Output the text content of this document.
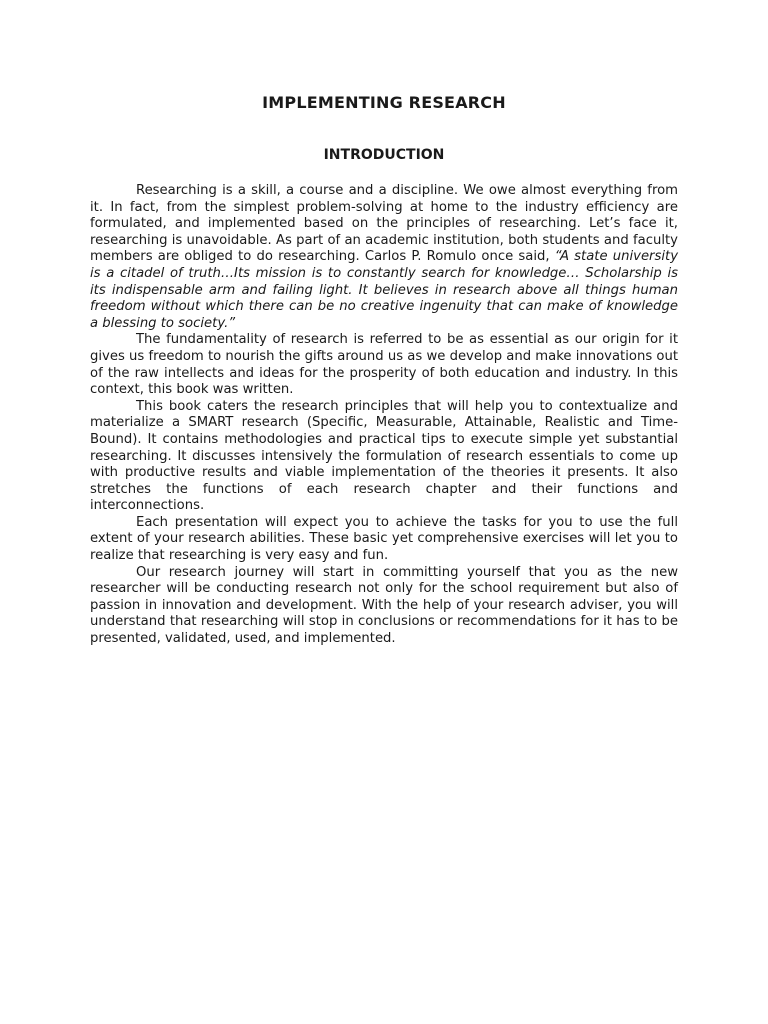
IMPLEMENTING RESEARCH
INTRODUCTION

Researching is a skill, a course and a discipline. We owe almost everything from it. In fact, from the simplest problem-solving at home to the industry efficiency are formulated, and implemented based on the principles of researching. Let’s face it, researching is unavoidable. As part of an academic institution, both students and faculty members are obliged to do researching. Carlos P. Romulo once said, “A state university is a citadel of truth…Its mission is to constantly search for knowledge… Scholarship is its indispensable arm and failing light. It believes in research above all things human freedom without which there can be no creative ingenuity that can make of knowledge a blessing to society.”

The fundamentality of research is referred to be as essential as our origin for it gives us freedom to nourish the gifts around us as we develop and make innovations out of the raw intellects and ideas for the prosperity of both education and industry. In this context, this book was written.

This book caters the research principles that will help you to contextualize and materialize a SMART research (Specific, Measurable, Attainable, Realistic and Time-Bound). It contains methodologies and practical tips to execute simple yet substantial researching. It discusses intensively the formulation of research essentials to come up with productive results and viable implementation of the theories it presents. It also stretches the functions of each research chapter and their functions and interconnections.

Each presentation will expect you to achieve the tasks for you to use the full extent of your research abilities. These basic yet comprehensive exercises will let you to realize that researching is very easy and fun.

Our research journey will start in committing yourself that you as the new researcher will be conducting research not only for the school requirement but also of passion in innovation and development. With the help of your research adviser, you will understand that researching will stop in conclusions or recommendations for it has to be presented, validated, used, and implemented.
